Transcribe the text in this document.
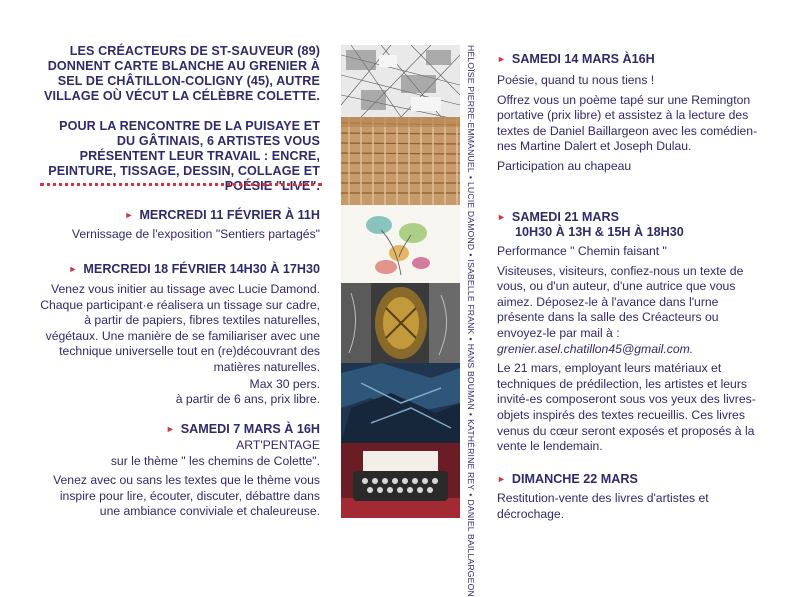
LES CRÉACTEURS DE ST-SAUVEUR (89) DONNENT CARTE BLANCHE AU GRENIER À SEL DE CHÂTILLON-COLIGNY (45), AUTRE VILLAGE OÙ VÉCUT LA CÉLÈBRE COLETTE.

POUR LA RENCONTRE DE LA PUISAYE ET DU GÂTINAIS, 6 ARTISTES VOUS PRÉSENTENT LEUR TRAVAIL : ENCRE, PEINTURE, TISSAGE, DESSIN, COLLAGE ET POÉSIE "LIVE".

► MERCREDI 11 FÉVRIER À 11H
Vernissage de l'exposition "Sentiers partagés"
► MERCREDI 18 FÉVRIER 14H30 À 17H30
Venez vous initier au tissage avec Lucie Damond. Chaque participant·e réalisera un tissage sur cadre, à partir de papiers, fibres textiles naturelles, végétaux. Une manière de se familiariser avec une technique universelle tout en (re)découvrant des matières naturelles.
Max 30 pers.
à partir de 6 ans, prix libre.
► SAMEDI 7 MARS À 16H
ART'PENTAGE
sur le thème " les chemins de Colette".
Venez avec ou sans les textes que le thème vous inspire pour lire, écouter, discuter, débattre dans une ambiance conviviale et chaleureuse.
HÉLOÏSE PIERRE-EMMANUEL•LUCIE DAMOND•ISABELLE FRANK•HANS BOUMAN•KATHÉRINE REY•DANIEL BAILLARGEON
► SAMEDI 14 MARS À16H
Poésie, quand tu nous tiens !
Offrez vous un poème tapé sur une Remington portative (prix libre) et assistez à la lecture des textes de Daniel Baillargeon avec les comédien-nes Martine Dalert et Joseph Dulau.
Participation au chapeau
► SAMEDI 21 MARS
10H30 À 13H & 15H À 18H30
Performance " Chemin faisant "
Visiteuses, visiteurs, confiez-nous un texte de vous, ou d'un auteur, d'une autrice que vous aimez. Déposez-le à l'avance dans l'urne présente dans la salle des Créacteurs ou envoyez-le par mail à :
grenier.asel.chatillon45@gmail.com.
Le 21 mars, employant leurs matériaux et techniques de prédilection, les artistes et leurs invité-es composeront sous vos yeux des livres-objets inspirés des textes recueillis. Ces livres venus du cœur seront exposés et proposés à la vente le lendemain.
► DIMANCHE 22 MARS
Restitution-vente des livres d'artistes et décrochage.
